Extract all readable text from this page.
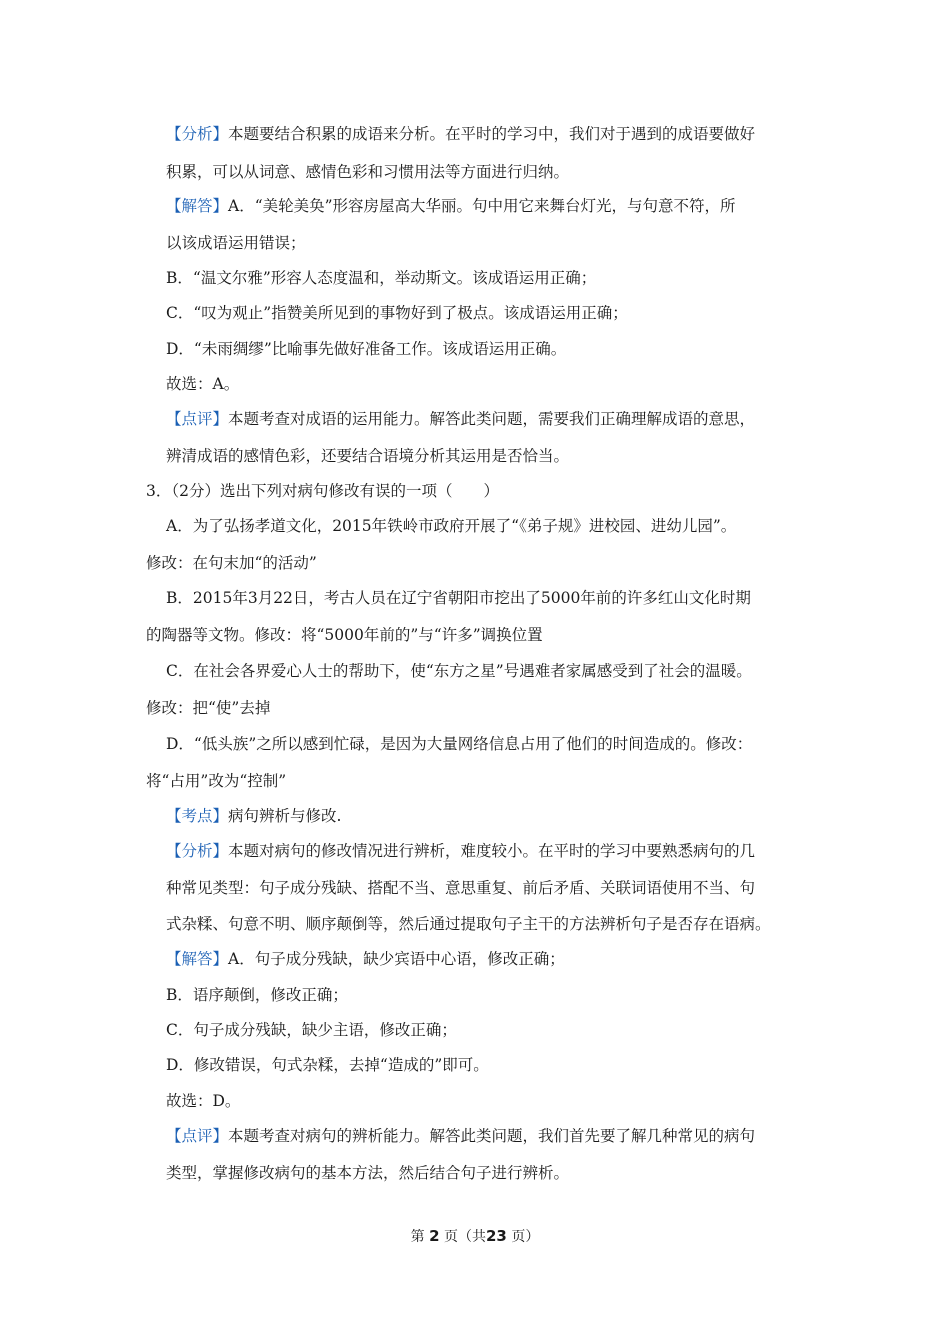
【分析】本题要结合积累的成语来分析。在平时的学习中，我们对于遇到的成语要做好
积累，可以从词意、感情色彩和习惯用法等方面进行归纳。
【解答】A．“美轮美奂”形容房屋高大华丽。句中用它来舞台灯光，与句意不符，所
以该成语运用错误；
B．“温文尔雅”形容人态度温和，举动斯文。该成语运用正确；
C．“叹为观止”指赞美所见到的事物好到了极点。该成语运用正确；
D．“未雨绸缪”比喻事先做好准备工作。该成语运用正确。
故选：A。
【点评】本题考查对成语的运用能力。解答此类问题，需要我们正确理解成语的意思，
辨清成语的感情色彩，还要结合语境分析其运用是否恰当。
3．（2分）选出下列对病句修改有误的一项（　　）
A．为了弘扬孝道文化，2015年铁岭市政府开展了“《弟子规》进校园、进幼儿园”。
修改：在句末加“的活动”
B．2015年3月22日，考古人员在辽宁省朝阳市挖出了5000年前的许多红山文化时期
的陶器等文物。修改：将“5000年前的”与“许多”调换位置
C．在社会各界爱心人士的帮助下，使“东方之星”号遇难者家属感受到了社会的温暖。
修改：把“使”去掉
D．“低头族”之所以感到忙碌，是因为大量网络信息占用了他们的时间造成的。修改：
将“占用”改为“控制”
【考点】病句辨析与修改.
【分析】本题对病句的修改情况进行辨析，难度较小。在平时的学习中要熟悉病句的几
种常见类型：句子成分残缺、搭配不当、意思重复、前后矛盾、关联词语使用不当、句
式杂糅、句意不明、顺序颠倒等，然后通过提取句子主干的方法辨析句子是否存在语病。
【解答】A．句子成分残缺，缺少宾语中心语，修改正确；
B．语序颠倒，修改正确；
C．句子成分残缺，缺少主语，修改正确；
D．修改错误，句式杂糅，去掉“造成的”即可。
故选：D。
【点评】本题考查对病句的辨析能力。解答此类问题，我们首先要了解几种常见的病句
类型，掌握修改病句的基本方法，然后结合句子进行辨析。
第 2 页（共23 页）
